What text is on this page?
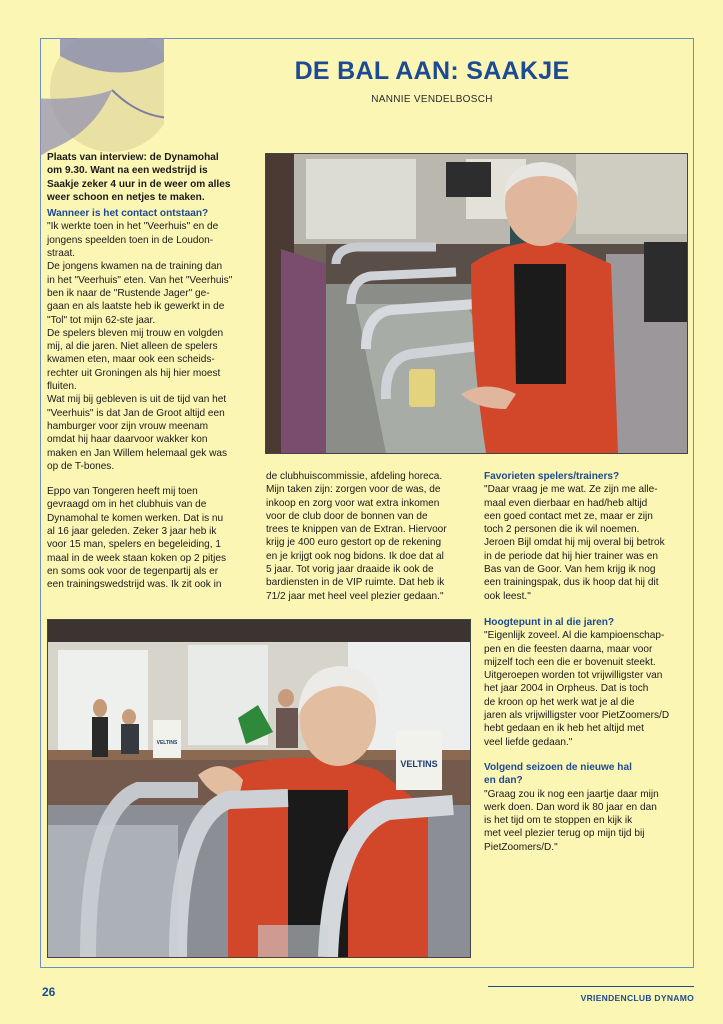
DE BAL AAN: SAAKJE
NANNIE VENDELBOSCH

Plaats van interview: de Dynamohal

om 9.30. Want na een wedstrijd is

Saakje zeker 4 uur in de weer om alles

weer schoon en netjes te maken.

Wanneer is het contact ontstaan?

"Ik werkte toen in het "Veerhuis" en de

jongens speelden toen in de Loudon-

straat.

De jongens kwamen na de training dan

in het "Veerhuis" eten. Van het "Veerhuis"

ben ik naar de "Rustende Jager" ge-

gaan en als laatste heb ik gewerkt in de

"Tol" tot mijn 62-ste jaar.

De spelers bleven mij trouw en volgden

mij, al die jaren. Niet alleen de spelers

kwamen eten, maar ook een scheids-

rechter uit Groningen als hij hier moest

fluiten.

Wat mij bij gebleven is uit de tijd van het

"Veerhuis" is dat Jan de Groot altijd een

hamburger voor zijn vrouw meenam

omdat hij haar daarvoor wakker kon

maken en Jan Willem helemaal gek was

op de T-bones.

Eppo van Tongeren heeft mij toen

gevraagd om in het clubhuis van de

Dynamohal te komen werken. Dat is nu

al 16 jaar geleden. Zeker 3 jaar heb ik

voor 15 man, spelers en begeleiding, 1

maal in de week staan koken op 2 pitjes

en soms ook voor de tegenpartij als er

een trainingswedstrijd was. Ik zit ook in

de clubhuiscommissie, afdeling horeca.

Mijn taken zijn: zorgen voor de was, de

inkoop en zorg voor wat extra inkomen

voor de club door de bonnen van de

trees te knippen van de Extran. Hiervoor

krijg je 400 euro gestort op de rekening

en je krijgt ook nog bidons. Ik doe dat al

5 jaar. Tot vorig jaar draaide ik ook de

bardiensten in de VIP ruimte. Dat heb ik

71/2 jaar met heel veel plezier gedaan."

Favorieten spelers/trainers?

"Daar vraag je me wat. Ze zijn me alle-

maal even dierbaar en had/heb altijd

een goed contact met ze, maar er zijn

toch 2 personen die ik wil noemen.

Jeroen Bijl omdat hij mij overal bij betrok

in de periode dat hij hier trainer was en

Bas van de Goor. Van hem krijg ik nog

een trainingspak, dus ik hoop dat hij dit

ook leest."

Hoogtepunt in al die jaren?

"Eigenlijk zoveel. Al die kampioenschap-

pen en die feesten daarna, maar voor

mijzelf toch een die er bovenuit steekt.

Uitgeroepen worden tot vrijwilligster van

het jaar 2004 in Orpheus. Dat is toch

de kroon op het werk wat je al die

jaren als vrijwilligster voor PietZoomers/D

hebt gedaan en ik heb het altijd met

veel liefde gedaan."

Volgend seizoen de nieuwe hal

en dan?

"Graag zou ik nog een jaartje daar mijn

werk doen. Dan word ik 80 jaar en dan

is het tijd om te stoppen en kijk ik

met veel plezier terug op mijn tijd bij

PietZoomers/D."

VELTINS
VELTINS
26	VRIENDENCLUB DYNAMO
